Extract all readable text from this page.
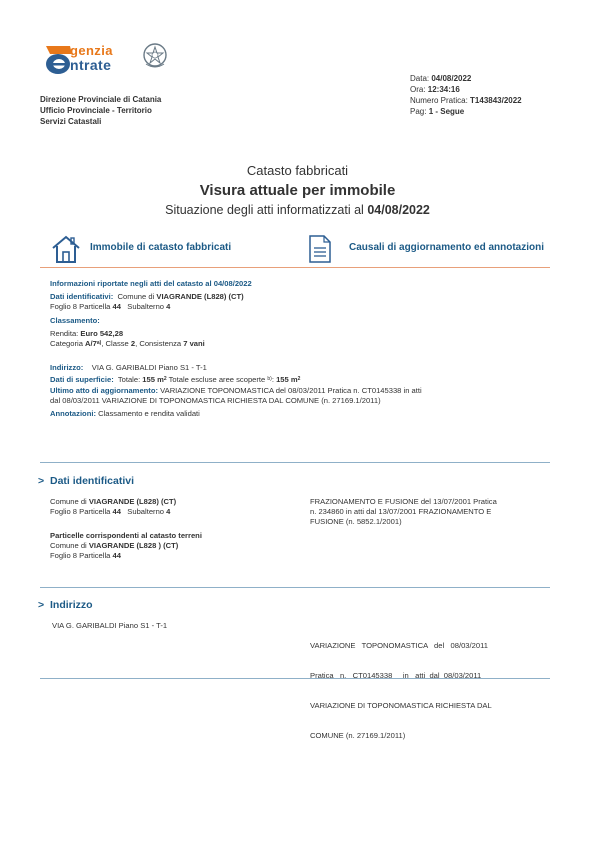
genzia
ntrate
Direzione Provinciale di Catania
Ufficio Provinciale - Territorio
Servizi Catastali
Data: 04/08/2022
Ora: 12:34:16
Numero Pratica: T143843/2022
Pag: 1 - Segue
Catasto fabbricati
Visura attuale per immobile
Situazione degli atti informatizzati al 04/08/2022
Immobile di catasto fabbricati	Causali di aggiornamento ed annotazioni
Informazioni riportate negli atti del catasto al 04/08/2022
Dati identificativi: Comune di VIAGRANDE (L828) (CT)
Foglio 8 Particella 44 Subalterno 4
Classamento:
Rendita: Euro 542,28
Categoria A/7$^{a)}$, Classe 2, Consistenza 7 vani
Indirizzo: VIA G. GARIBALDI Piano S1 - T-1
Dati di superficie: Totale: 155 $m^2$ Totale escluse aree scoperte $^{b)}$: 155 $m^2$
Ultimo atto di aggiornamento: VARIAZIONE TOPONOMASTICA del 08/03/2011 Pratica n. CT0145338 in atti
dal 08/03/2011 VARIAZIONE DI TOPONOMASTICA RICHIESTA DAL COMUNE (n. 27169.1/2011)
Annotazioni: Classamento e rendita validati
> Dati identificativi
Comune di VIAGRANDE (L828) (CT)
Foglio 8 Particella 44 Subalterno 4
Particelle corrispondenti al catasto terreni
Comune di VIAGRANDE (L828 ) (CT)
Foglio 8 Particella 44
FRAZIONAMENTO E FUSIONE del 13/07/2001 Pratica
n. 234860 in atti dal 13/07/2001 FRAZIONAMENTO E
FUSIONE (n. 5852.1/2001)
> Indirizzo
VIA G. GARIBALDI Piano S1 - T-1

VARIAZIONE   TOPONOMASTICA   del   08/03/2011

Pratica   n.   CT0145338     in   atti  dal  08/03/2011

VARIAZIONE DI TOPONOMASTICA RICHIESTA DAL

COMUNE (n. 27169.1/2011)
